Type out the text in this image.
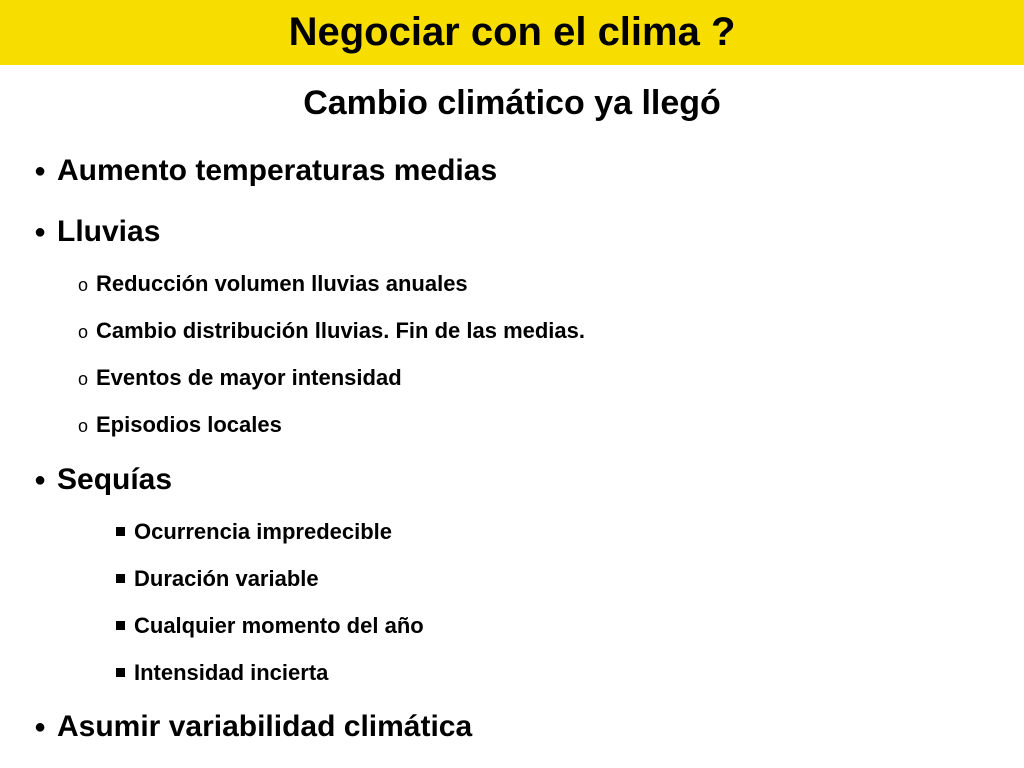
Negociar con el clima ?
Cambio climático ya llegó
● Aumento temperaturas medias
● Lluvias
o Reducción volumen lluvias anuales
o Cambio distribución lluvias. Fin de las medias.
o Eventos de mayor intensidad
o Episodios locales
● Sequías
Ocurrencia impredecible
Duración variable
Cualquier momento del año
Intensidad incierta
● Asumir variabilidad climática
